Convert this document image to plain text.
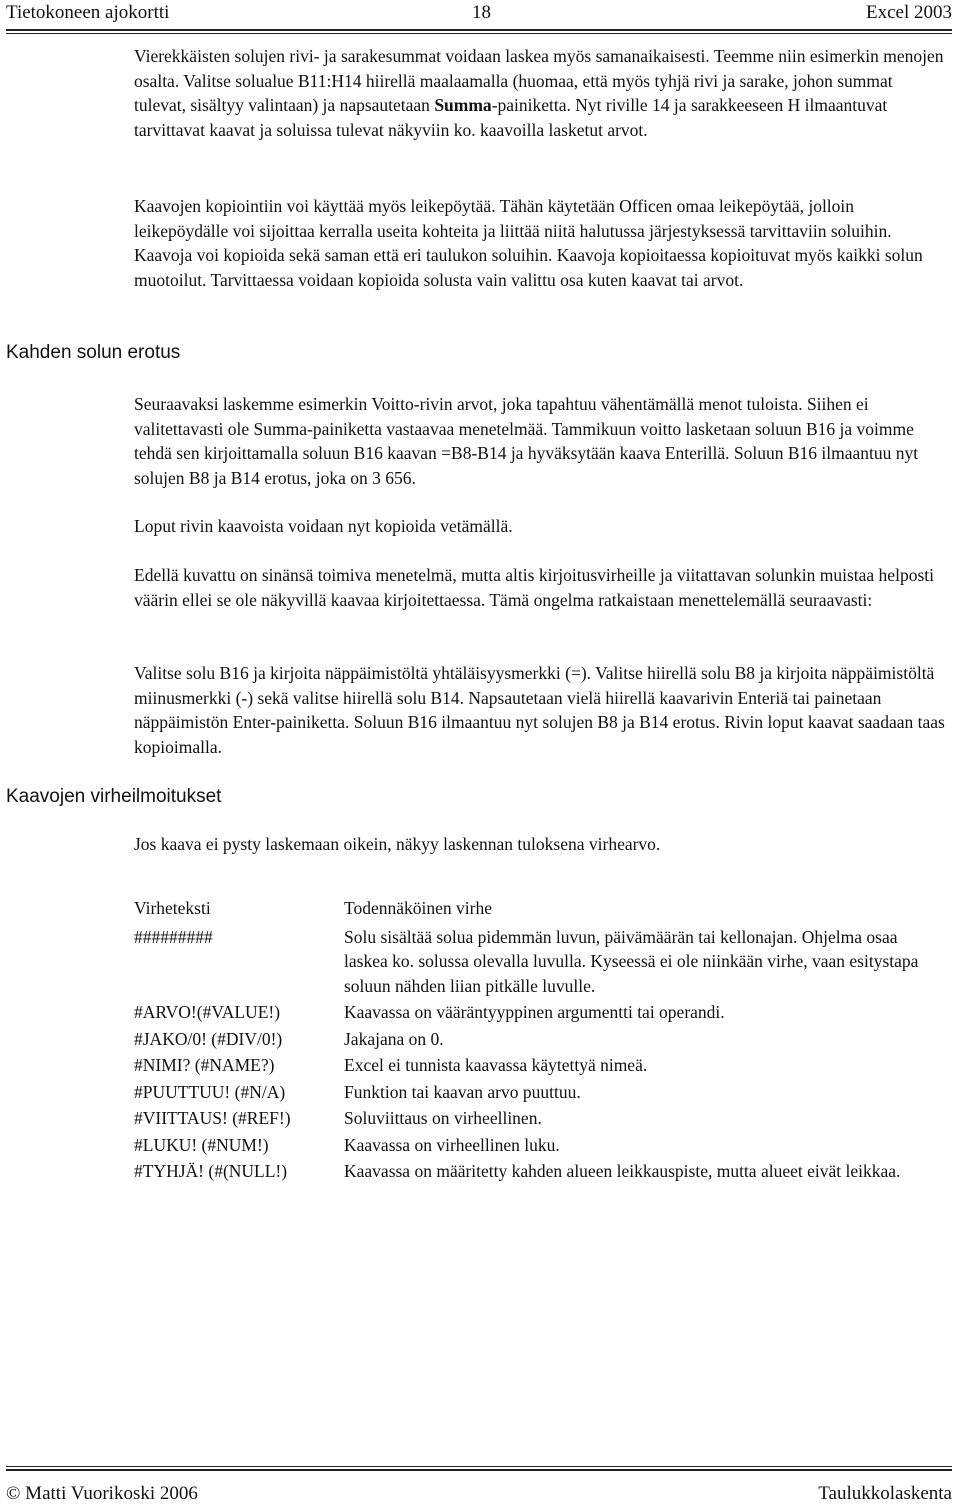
Tietokoneen ajokortti	18	Excel 2003

Vierekkäisten solujen rivi- ja sarakesummat voidaan laskea myös samanaikaisesti. Teemme niin esimerkin menojen osalta. Valitse solualue B11:H14 hiirellä maalaamalla (huomaa, että myös tyhjä rivi ja sarake, johon summat tulevat, sisältyy valintaan) ja napsautetaan Summa-painiketta. Nyt riville 14 ja sarakkeeseen H ilmaantuvat tarvittavat kaavat ja soluissa tulevat näkyviin ko. kaavoilla lasketut arvot.

Kaavojen kopiointiin voi käyttää myös leikepöytää. Tähän käytetään Officen omaa leikepöytää, jolloin leikepöydälle voi sijoittaa kerralla useita kohteita ja liittää niitä halutussa järjestyksessä tarvittaviin soluihin. Kaavoja voi kopioida sekä saman että eri taulukon soluihin. Kaavoja kopioitaessa kopioituvat myös kaikki solun muotoilut. Tarvittaessa voidaan kopioida solusta vain valittu osa kuten kaavat tai arvot.

Kahden solun erotus

Seuraavaksi laskemme esimerkin Voitto-rivin arvot, joka tapahtuu vähentämällä menot tuloista. Siihen ei valitettavasti ole Summa-painiketta vastaavaa menetelmää. Tammikuun voitto lasketaan soluun B16 ja voimme tehdä sen kirjoittamalla soluun B16 kaavan =B8-B14 ja hyväksytään kaava Enterillä. Soluun B16 ilmaantuu nyt solujen B8 ja B14 erotus, joka on 3 656.

Loput rivin kaavoista voidaan nyt kopioida vetämällä.

Edellä kuvattu on sinänsä toimiva menetelmä, mutta altis kirjoitusvirheille ja viitattavan solunkin muistaa helposti väärin ellei se ole näkyvillä kaavaa kirjoitettaessa. Tämä ongelma ratkaistaan menettelemällä seuraavasti:

Valitse solu B16 ja kirjoita näppäimistöltä yhtäläisyysmerkki (=). Valitse hiirellä solu B8 ja kirjoita näppäimistöltä miinusmerkki (-) sekä valitse hiirellä solu B14. Napsautetaan vielä hiirellä kaavarivin Enteriä tai painetaan näppäimistön Enter-painiketta. Soluun B16 ilmaantuu nyt solujen B8 ja B14 erotus. Rivin loput kaavat saadaan taas kopioimalla.

Kaavojen virheilmoitukset

Jos kaava ei pysty laskemaan oikein, näkyy laskennan tuloksena virhearvo.

Virheteksti	Todennäköinen virhe
#########	Solu sisältää solua pidemmän luvun, päivämäärän tai kellonajan. Ohjelma osaa laskea ko. solussa olevalla luvulla. Kyseessä ei ole niinkään virhe, vaan esitystapa soluun nähden liian pitkälle luvulle.
#ARVO!(#VALUE!)	Kaavassa on vääräntyyppinen argumentti tai operandi.
#JAKO/0! (#DIV/0!)	Jakajana on 0.
#NIMI? (#NAME?)	Excel ei tunnista kaavassa käytettyä nimeä.
#PUUTTUU! (#N/A)	Funktion tai kaavan arvo puuttuu.
#VIITTAUS! (#REF!)	Soluviittaus on virheellinen.
#LUKU! (#NUM!)	Kaavassa on virheellinen luku.
#TYHJÄ! (#(NULL!)	Kaavassa on määritetty kahden alueen leikkauspiste, mutta alueet eivät leikkaa.
© Matti Vuorikoski 2006	Taulukkolaskenta
